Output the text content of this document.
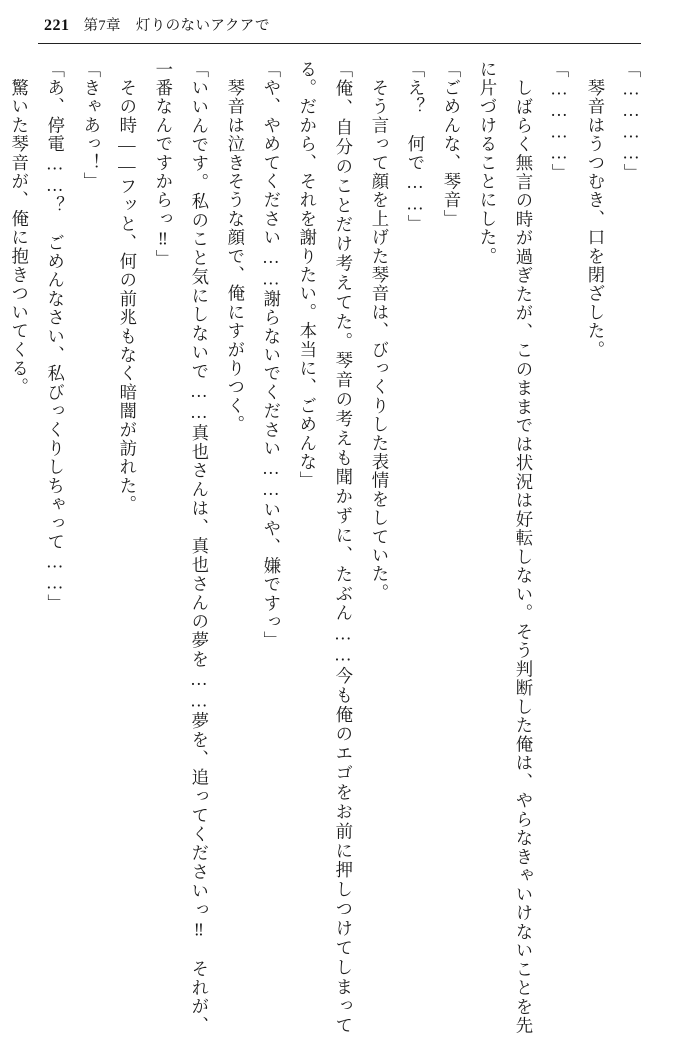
221 第7章　灯りのないアクアで

「…………」

　琴音はうつむき、口を閉ざした。

「…………」

　しばらく無言の時が過ぎたが、このままでは状況は好転しない。そう判断した俺は、やらなきゃいけないことを先に片づけることにした。

「ごめんな、琴音」

「え？　何で……」

　そう言って顔を上げた琴音は、びっくりした表情をしていた。

「俺、自分のことだけ考えてた。琴音の考えも聞かずに、たぶん……今も俺のエゴをお前に押しつけてしまってる。だから、それを謝りたい。本当に、ごめんな」

「や、やめてください……謝らないでください……いや、嫌ですっ」

　琴音は泣きそうな顔で、俺にすがりつく。

「いいんです。私のこと気にしないで……真也さんは、真也さんの夢を……夢を、追ってくださいっ‼　それが、一番なんですからっ‼」

　その時——フッと、何の前兆もなく暗闇が訪れた。

「きゃあっ！」

「あ、停電……？　ごめんなさい、私びっくりしちゃって……」

　驚いた琴音が、俺に抱きついてくる。
